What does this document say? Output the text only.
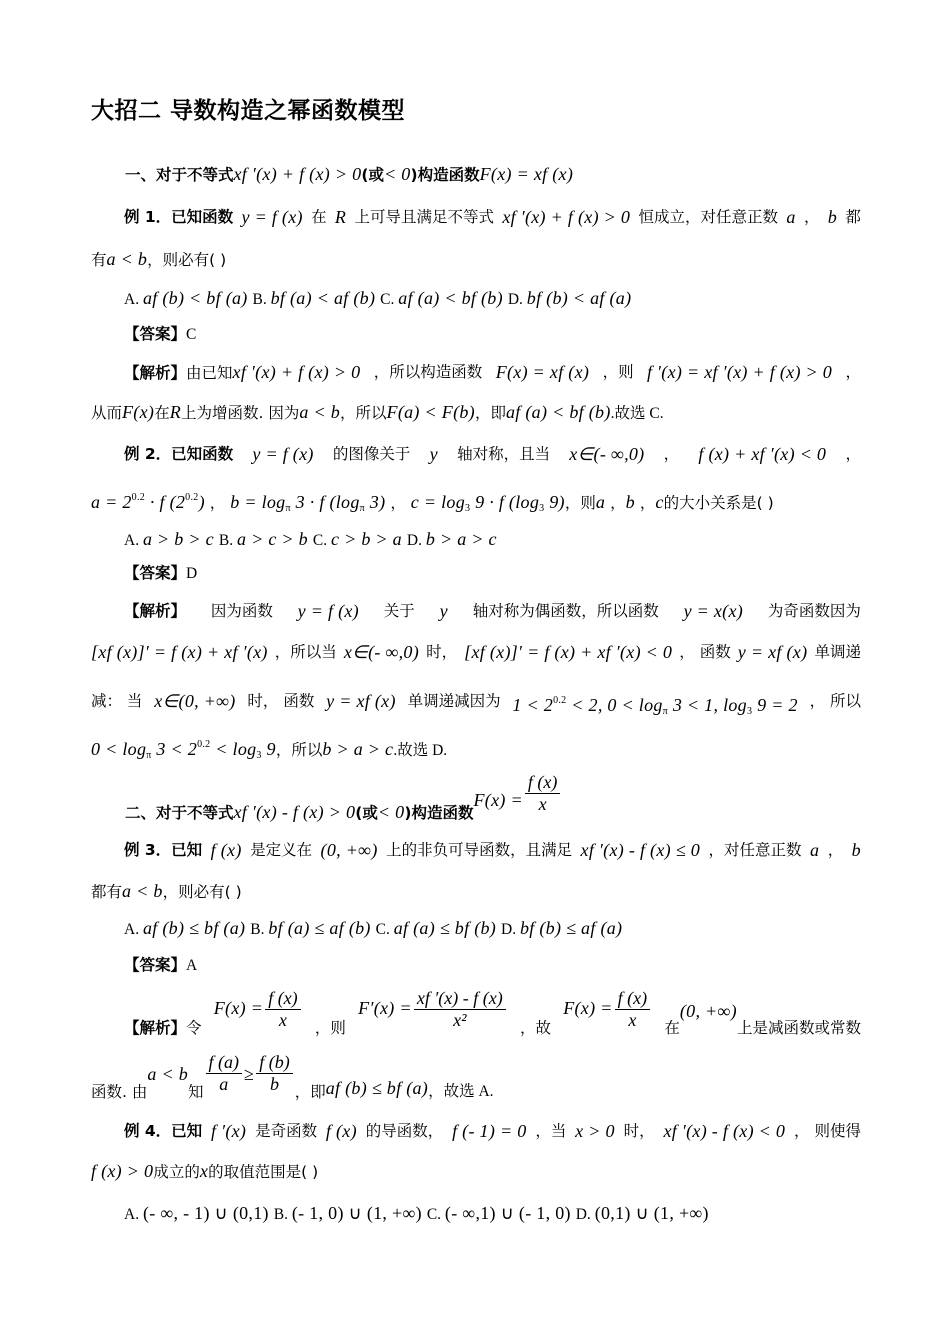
大招二 导数构造之幂函数模型
一、对于不等式xf ′(x) + f (x) > 0(或< 0)构造函数F(x) = xf (x)
例 1．已知函数 y = f (x) 在 R 上可导且满足不等式 xf ′(x) + f (x) > 0 恒成立，对任意正数 a ， b 都
有a < b，则必有( )
A. af (b) < bf (a) B. bf (a) < af (b) C. af (a) < bf (b) D. bf (b) < af (a)
【答案】C
【解析】由已知xf ′(x) + f (x) > 0 ，所以构造函数 F(x) = xf (x) ，则 f ′(x) = xf ′(x) + f (x) > 0 ，
从而F(x)在R上为增函数. 因为a < b，所以F(a) < F(b)，即af (a) < bf (b).故选 C.
例 2．已知函数 y = f (x) 的图像关于 y 轴对称，且当 x∈(- ∞,0) ， f (x) + xf ′(x) < 0 ，
$a = 2^{0.2} \cdot f$ $(2^{0.2})$ ， $b = \log_\pi 3 \cdot f$ ($\log_\pi$ 3) ， $c = \log_3 9 \cdot f$ ($\log_3$ 9)，则a ，b ，c的大小关系是( )
A. a > b > c B. a > c > b C. c > b > a D. b > a > c
【答案】D
【解析】 因为函数 y = f (x) 关于 y 轴对称为偶函数，所以函数 y = x(x) 为奇函数因为
[xf (x)]′ = f (x) + xf ′(x) ，所以当 x∈(- ∞,0) 时， [xf (x)]′ = f (x) + xf ′(x) < 0 ， 函数 y = xf (x) 单调递
减： 当 x∈(0, +∞) 时， 函数 y = xf (x) 单调递减因为 $1 < 2^{0.2} < 2$, $0 < \log_\pi 3 < 1$, $\log_3 9 = 2$ ， 所以
$0 < \log_\pi 3 < 2^{0.2} < \log_3 9$，所以b > a > c.故选 D.
二、对于不等式xf ′(x) - f (x) > 0(或< 0)构造函数$F(x) = \frac{f (x)}{x}$
例 3．已知 f (x) 是定义在 (0, +∞) 上的非负可导函数，且满足 xf ′(x) - f (x) ≤ 0 ，对任意正数 a ， b
都有a < b，则必有( )
A. af (b) ≤ bf (a) B. bf (a) ≤ af (b) C. af (a) ≤ bf (b) D. bf (b) ≤ af (a)
【答案】A
【解析】令
$F(x) = \frac{f (x)}{x}$ ，则
$F'(x) = \frac{xf '(x) - f (x)}{\text{x²}}$ ，故
$F(x) = \frac{f (x)}{x}$ 在(0, +∞)上是减函数或常数
函数. 由
a < b
知 $\frac{f (a)}{a} \ge \frac{f (b)}{b}$ ，即 af (b) ≤ bf (a) ，故选 A.
例 4．已知 f ′(x) 是奇函数 f (x) 的导函数， f (- 1) = 0 ，当 x > 0 时， xf ′(x) - f (x) < 0 ， 则使得
f (x) > 0成立的x的取值范围是( )
A. (- ∞, - 1) ∪ (0,1) B. (- 1, 0) ∪ (1, +∞) C. (- ∞,1) ∪ (- 1, 0) D. (0,1) ∪ (1, +∞)
